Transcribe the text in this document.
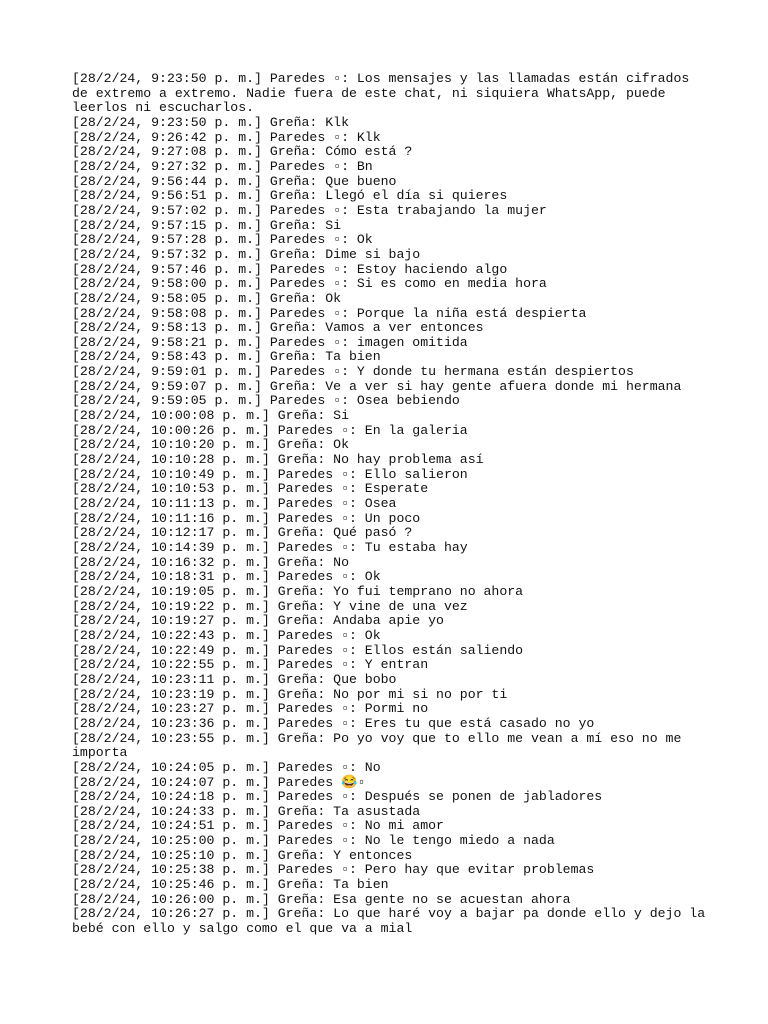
[28/2/24, 9:23:50 p. m.] Paredes ▫: Los mensajes y las llamadas están cifrados de extremo a extremo. Nadie fuera de este chat, ni siquiera WhatsApp, puede leerlos ni escucharlos.
[28/2/24, 9:23:50 p. m.] Greña: Klk
[28/2/24, 9:26:42 p. m.] Paredes ▫: Klk
[28/2/24, 9:27:08 p. m.] Greña: Cómo está ?
[28/2/24, 9:27:32 p. m.] Paredes ▫: Bn
[28/2/24, 9:56:44 p. m.] Greña: Que bueno
[28/2/24, 9:56:51 p. m.] Greña: Llegó el día si quieres
[28/2/24, 9:57:02 p. m.] Paredes ▫: Esta trabajando la mujer
[28/2/24, 9:57:15 p. m.] Greña: Si
[28/2/24, 9:57:28 p. m.] Paredes ▫: Ok
[28/2/24, 9:57:32 p. m.] Greña: Dime si bajo
[28/2/24, 9:57:46 p. m.] Paredes ▫: Estoy haciendo algo
[28/2/24, 9:58:00 p. m.] Paredes ▫: Si es como en media hora
[28/2/24, 9:58:05 p. m.] Greña: Ok
[28/2/24, 9:58:08 p. m.] Paredes ▫: Porque la niña está despierta
[28/2/24, 9:58:13 p. m.] Greña: Vamos a ver entonces
[28/2/24, 9:58:21 p. m.] Paredes ▫: imagen omitida
[28/2/24, 9:58:43 p. m.] Greña: Ta bien
[28/2/24, 9:59:01 p. m.] Paredes ▫: Y donde tu hermana están despiertos
[28/2/24, 9:59:07 p. m.] Greña: Ve a ver si hay gente afuera donde mi hermana
[28/2/24, 9:59:05 p. m.] Paredes ▫: Osea bebiendo
[28/2/24, 10:00:08 p. m.] Greña: Si
[28/2/24, 10:00:26 p. m.] Paredes ▫: En la galeria
[28/2/24, 10:10:20 p. m.] Greña: Ok
[28/2/24, 10:10:28 p. m.] Greña: No hay problema así
[28/2/24, 10:10:49 p. m.] Paredes ▫: Ello salieron
[28/2/24, 10:10:53 p. m.] Paredes ▫: Esperate
[28/2/24, 10:11:13 p. m.] Paredes ▫: Osea
[28/2/24, 10:11:16 p. m.] Paredes ▫: Un poco
[28/2/24, 10:12:17 p. m.] Greña: Qué pasó ?
[28/2/24, 10:14:39 p. m.] Paredes ▫: Tu estaba hay
[28/2/24, 10:16:32 p. m.] Greña: No
[28/2/24, 10:18:31 p. m.] Paredes ▫: Ok
[28/2/24, 10:19:05 p. m.] Greña: Yo fui temprano no ahora
[28/2/24, 10:19:22 p. m.] Greña: Y vine de una vez
[28/2/24, 10:19:27 p. m.] Greña: Andaba apie yo
[28/2/24, 10:22:43 p. m.] Paredes ▫: Ok
[28/2/24, 10:22:49 p. m.] Paredes ▫: Ellos están saliendo
[28/2/24, 10:22:55 p. m.] Paredes ▫: Y entran
[28/2/24, 10:23:11 p. m.] Greña: Que bobo
[28/2/24, 10:23:19 p. m.] Greña: No por mi si no por ti
[28/2/24, 10:23:27 p. m.] Paredes ▫: Pormi no
[28/2/24, 10:23:36 p. m.] Paredes ▫: Eres tu que está casado no yo
[28/2/24, 10:23:55 p. m.] Greña: Po yo voy que to ello me vean a mí eso no me importa
[28/2/24, 10:24:05 p. m.] Paredes ▫: No
[28/2/24, 10:24:07 p. m.] Paredes 😂▫
[28/2/24, 10:24:18 p. m.] Paredes ▫: Después se ponen de jabladores
[28/2/24, 10:24:33 p. m.] Greña: Ta asustada
[28/2/24, 10:24:51 p. m.] Paredes ▫: No mi amor
[28/2/24, 10:25:00 p. m.] Paredes ▫: No le tengo miedo a nada
[28/2/24, 10:25:10 p. m.] Greña: Y entonces
[28/2/24, 10:25:38 p. m.] Paredes ▫: Pero hay que evitar problemas
[28/2/24, 10:25:46 p. m.] Greña: Ta bien
[28/2/24, 10:26:00 p. m.] Greña: Esa gente no se acuestan ahora
[28/2/24, 10:26:27 p. m.] Greña: Lo que haré voy a bajar pa donde ello y dejo la bebé con ello y salgo como el que va a mial
